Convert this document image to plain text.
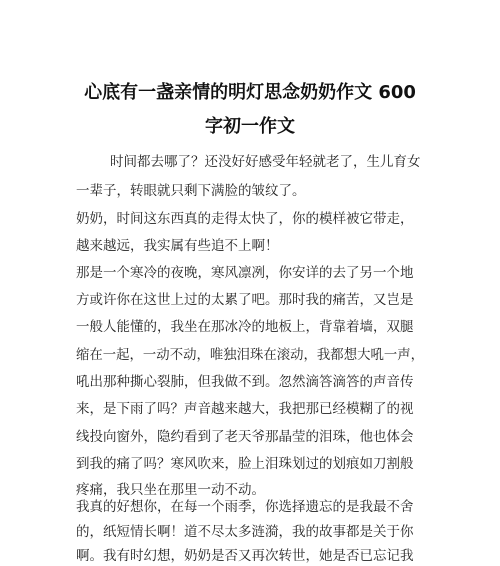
心底有一盏亲情的明灯思念奶奶作文 600
字初一作文
时间都去哪了？还没好好感受年轻就老了，生儿育女
一辈子，转眼就只剩下满脸的皱纹了。
奶奶，时间这东西真的走得太快了，你的模样被它带走，
越来越远，我实属有些追不上啊！
那是一个寒冷的夜晚，寒风凛冽，你安详的去了另一个地
方或许你在这世上过的太累了吧。那时我的痛苦，又岂是
一般人能懂的，我坐在那冰冷的地板上，背靠着墙，双腿
缩在一起，一动不动，唯独泪珠在滚动，我都想大吼一声，
吼出那种撕心裂肺，但我做不到。忽然滴答滴答的声音传
来，是下雨了吗？声音越来越大，我把那已经模糊了的视
线投向窗外，隐约看到了老天爷那晶莹的泪珠，他也体会
到我的痛了吗？寒风吹来，脸上泪珠划过的划痕如刀割般
疼痛，我只坐在那里一动不动。
我真的好想你，在每一个雨季，你选择遗忘的是我最不舍
的，纸短情长啊！道不尽太多涟漪，我的故事都是关于你
啊。我有时幻想，奶奶是否又再次转世，她是否已忘记我
